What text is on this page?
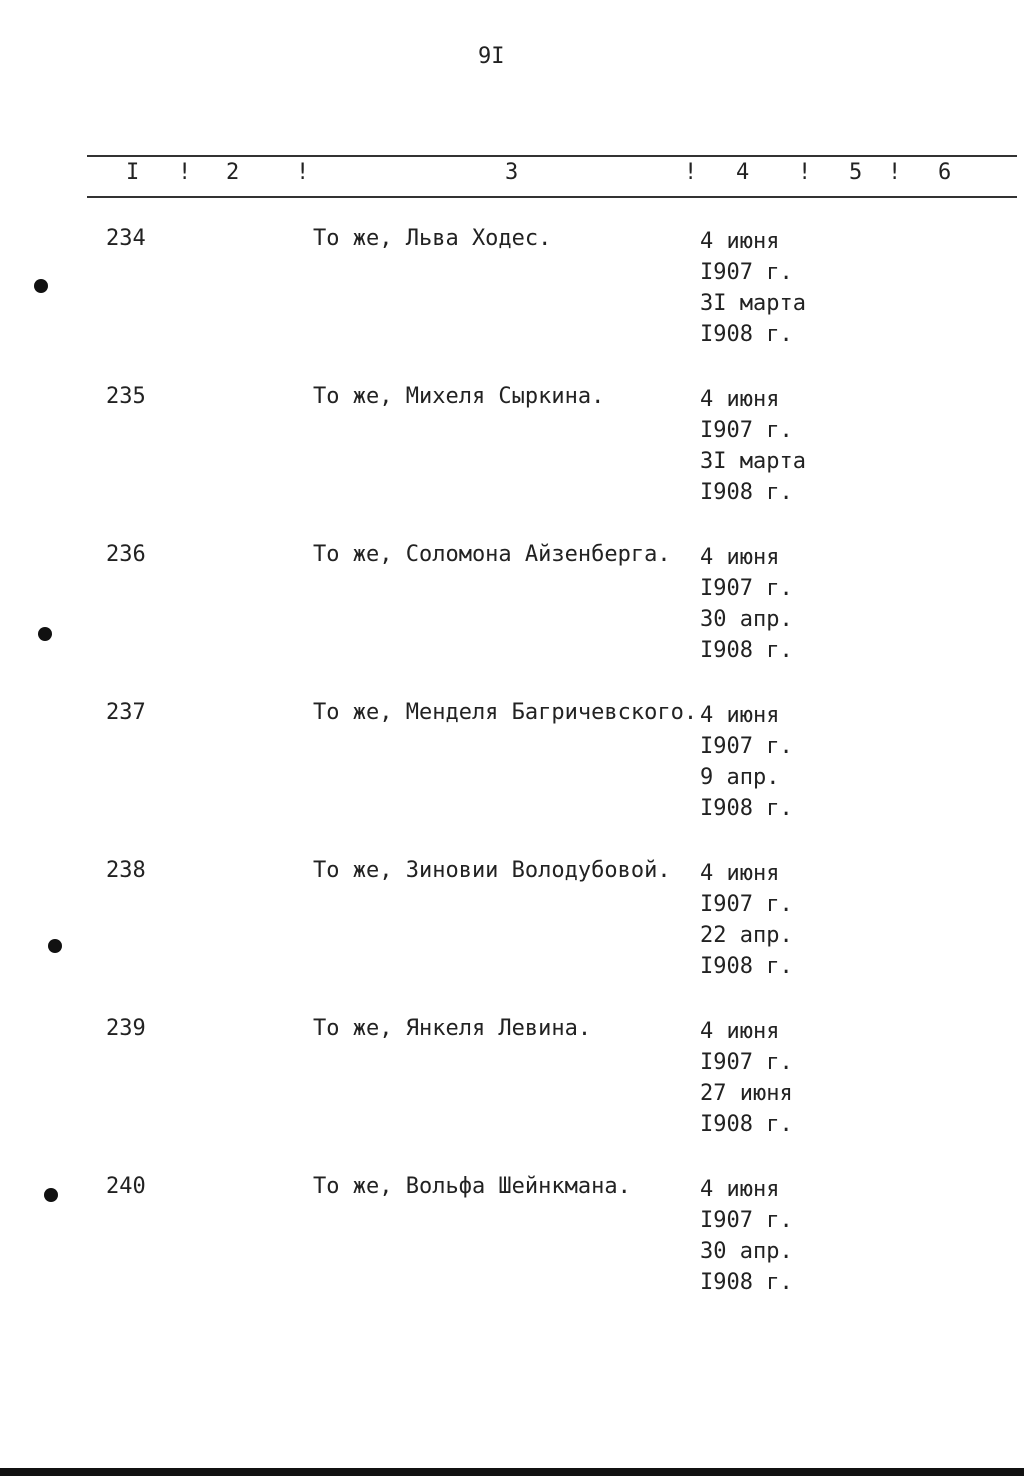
9I
I ! 2	!	3	! 4 ! 5 ! 6
234	То же, Льва Ходес.	4 июня
I907 г.
3I марта
I908 г.
235	То же, Михеля Сыркина.	4 июня
I907 г.
3I марта
I908 г.
236	То же, Соломона Айзенберга. 4 июня
I907 г.
30 апр.
I908 г.
237	То же, Менделя Багричевского. 4 июня
I907 г.
9 апр.
I908 г.
238	То же, Зиновии Володубовой. 4 июня
I907 г.
22 апр.
I908 г.
239	То же, Янкеля Левина.	4 июня
I907 г.
27 июня
I908 г.
240	То же, Вольфа Шейнкмана.	4 июня
I907 г.
30 апр.
I908 г.
